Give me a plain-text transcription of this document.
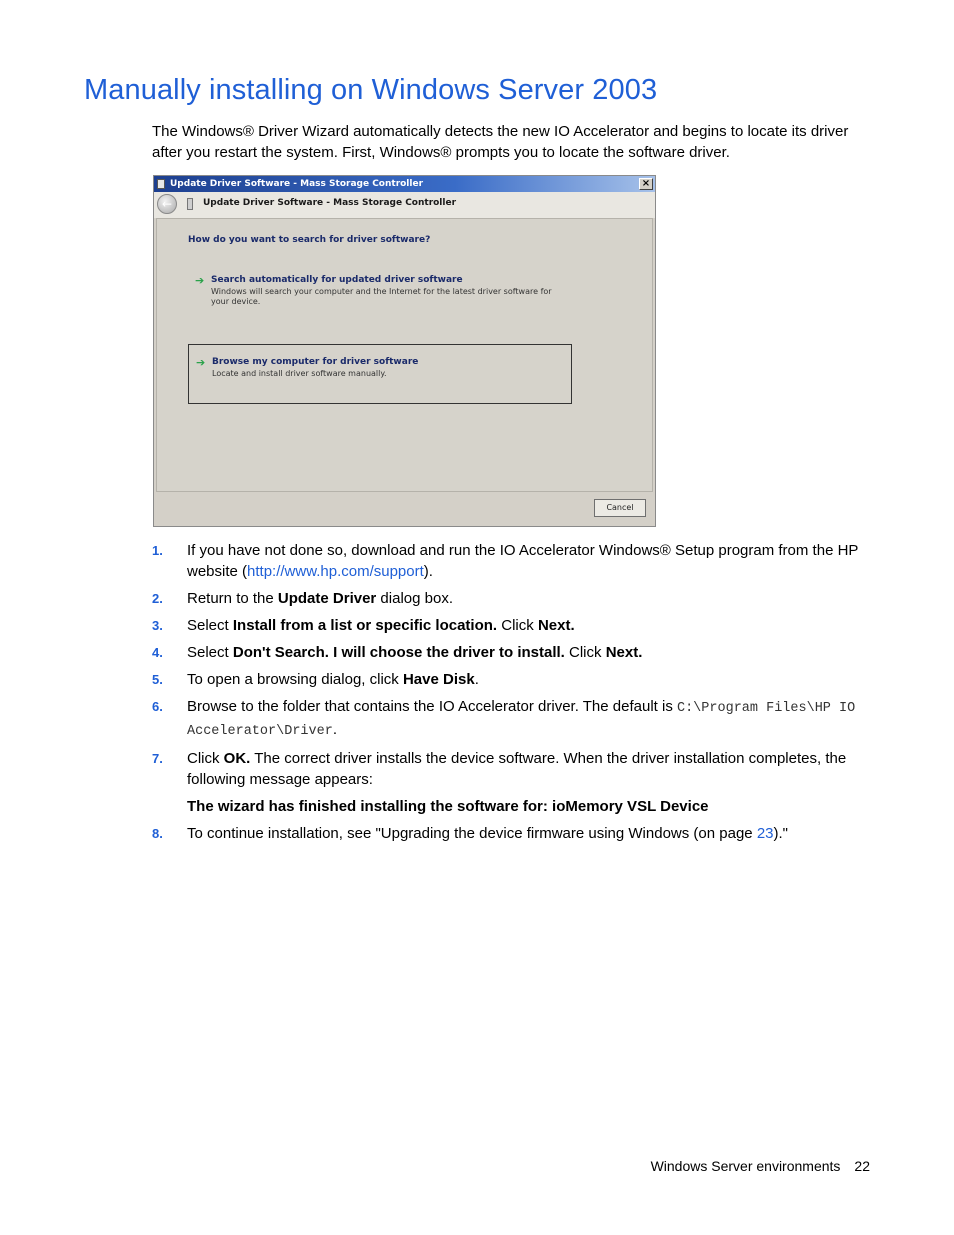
Manually installing on Windows Server 2003

The Windows® Driver Wizard automatically detects the new IO Accelerator and begins to locate its driver after you restart the system. First, Windows® prompts you to locate the software driver.

Update Driver Software - Mass Storage Controller	×
←	Update Driver Software - Mass Storage Controller
How do you want to search for driver software?
➔ Search automatically for updated driver software
Windows will search your computer and the Internet for the latest driver software for your device.
➔ Browse my computer for driver software
Locate and install driver software manually.
Cancel
1. If you have not done so, download and run the IO Accelerator Windows® Setup program from the HP website (http://www.hp.com/support).
2. Return to the Update Driver dialog box.
3. Select Install from a list or specific location. Click Next.
4. Select Don't Search. I will choose the driver to install. Click Next.
5. To open a browsing dialog, click Have Disk.
6. Browse to the folder that contains the IO Accelerator driver. The default is C:\Program Files\HP IO Accelerator\Driver.
7. Click OK. The correct driver installs the device software. When the driver installation completes, the following message appears:
The wizard has finished installing the software for: ioMemory VSL Device
8. To continue installation, see "Upgrading the device firmware using Windows (on page 23)."
Windows Server environments 22
